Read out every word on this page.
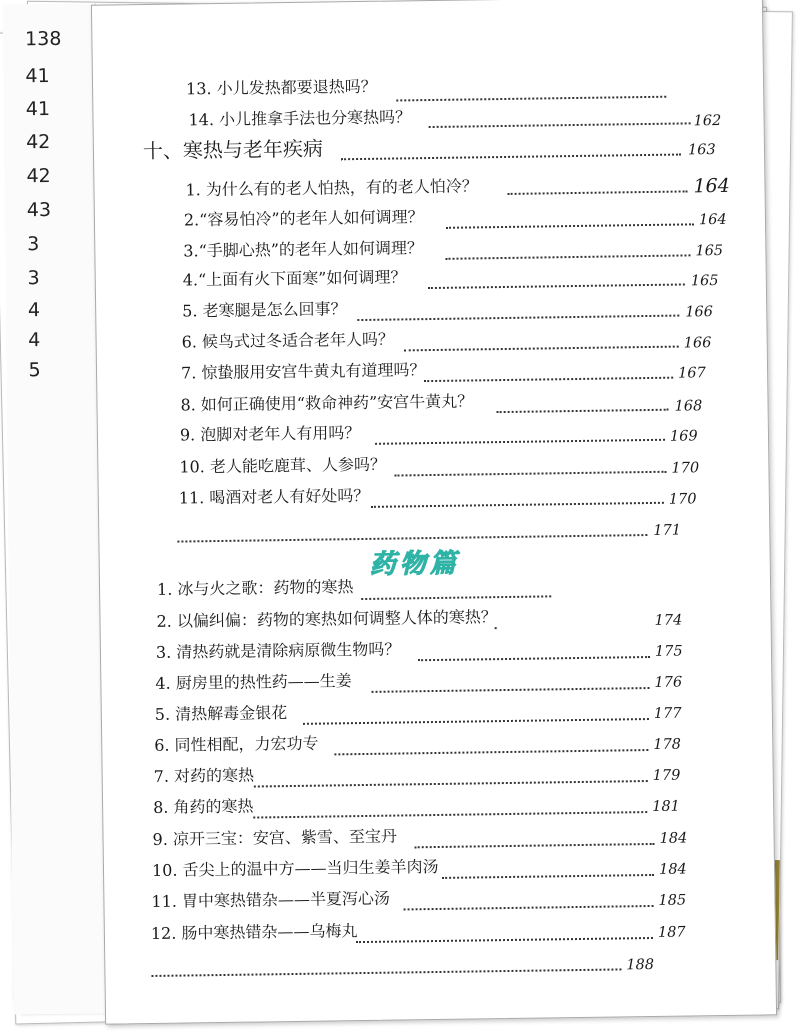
138
41
41
42
42
43
3
3
4
4
5
13. 小儿发热都要退热吗？
14. 小儿推拿手法也分寒热吗？	162
十、寒热与老年疾病	163
1. 为什么有的老人怕热，有的老人怕冷？	164
2.“容易怕冷”的老年人如何调理？	164
3.“手脚心热”的老年人如何调理？	165
4.“上面有火下面寒”如何调理？	165
5. 老寒腿是怎么回事？	166
6. 候鸟式过冬适合老年人吗？	166
7. 惊蛰服用安宫牛黄丸有道理吗？	167
8. 如何正确使用“救命神药”安宫牛黄丸？	168
9. 泡脚对老年人有用吗？	169
10. 老人能吃鹿茸、人参吗？	170
11. 喝酒对老人有好处吗？	170
171
药物篇
1. 冰与火之歌：药物的寒热
2. 以偏纠偏：药物的寒热如何调整人体的寒热？	174
3. 清热药就是清除病原微生物吗？	175
4. 厨房里的热性药——生姜	176
5. 清热解毒金银花	177
6. 同性相配，力宏功专	178
7. 对药的寒热	179
8. 角药的寒热	181
9. 凉开三宝：安宫、紫雪、至宝丹	184
10. 舌尖上的温中方——当归生姜羊肉汤	184
11. 胃中寒热错杂——半夏泻心汤	185
12. 肠中寒热错杂——乌梅丸	187
188
